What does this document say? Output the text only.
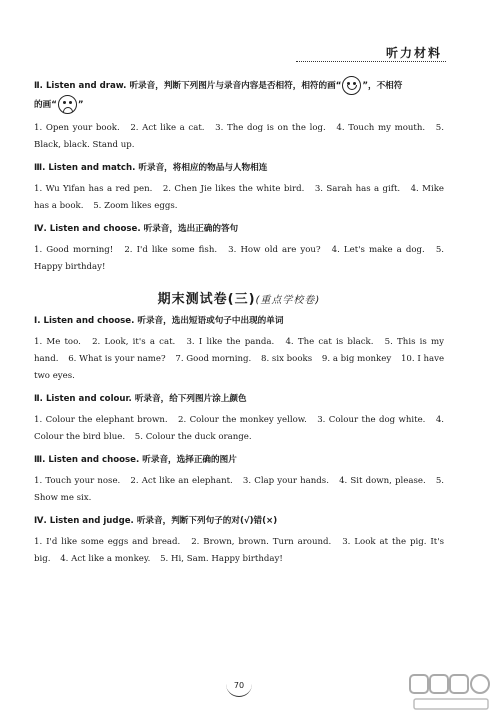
听力材料
Ⅱ. Listen and draw. 听录音，判断下列图片与录音内容是否相符，相符的画“ ”，不相符
的画“ ”
1. Open your book. 2. Act like a cat. 3. The dog is on the log. 4. Touch my mouth. 5. Black, black. Stand up.
Ⅲ. Listen and match. 听录音，将相应的物品与人物相连
1. Wu Yifan has a red pen. 2. Chen Jie likes the white bird. 3. Sarah has a gift. 4. Mike has a book. 5. Zoom likes eggs.
Ⅳ. Listen and choose. 听录音，选出正确的答句
1. Good morning! 2. I'd like some fish. 3. How old are you? 4. Let's make a dog. 5. Happy birthday!
期末测试卷(三)(重点学校卷)
Ⅰ. Listen and choose. 听录音，选出短语或句子中出现的单词
1. Me too. 2. Look, it's a cat. 3. I like the panda. 4. The cat is black. 5. This is my hand. 6. What is your name? 7. Good morning. 8. six books 9. a big monkey 10. I have two eyes.
Ⅱ. Listen and colour. 听录音，给下列图片涂上颜色
1. Colour the elephant brown. 2. Colour the monkey yellow. 3. Colour the dog white. 4. Colour the bird blue. 5. Colour the duck orange.
Ⅲ. Listen and choose. 听录音，选择正确的图片
1. Touch your nose. 2. Act like an elephant. 3. Clap your hands. 4. Sit down, please. 5. Show me six.
Ⅳ. Listen and judge. 听录音，判断下列句子的对(√)错(×)
1. I'd like some eggs and bread. 2. Brown, brown. Turn around. 3. Look at the pig. It's big. 4. Act like a monkey. 5. Hi, Sam. Happy birthday!
70
